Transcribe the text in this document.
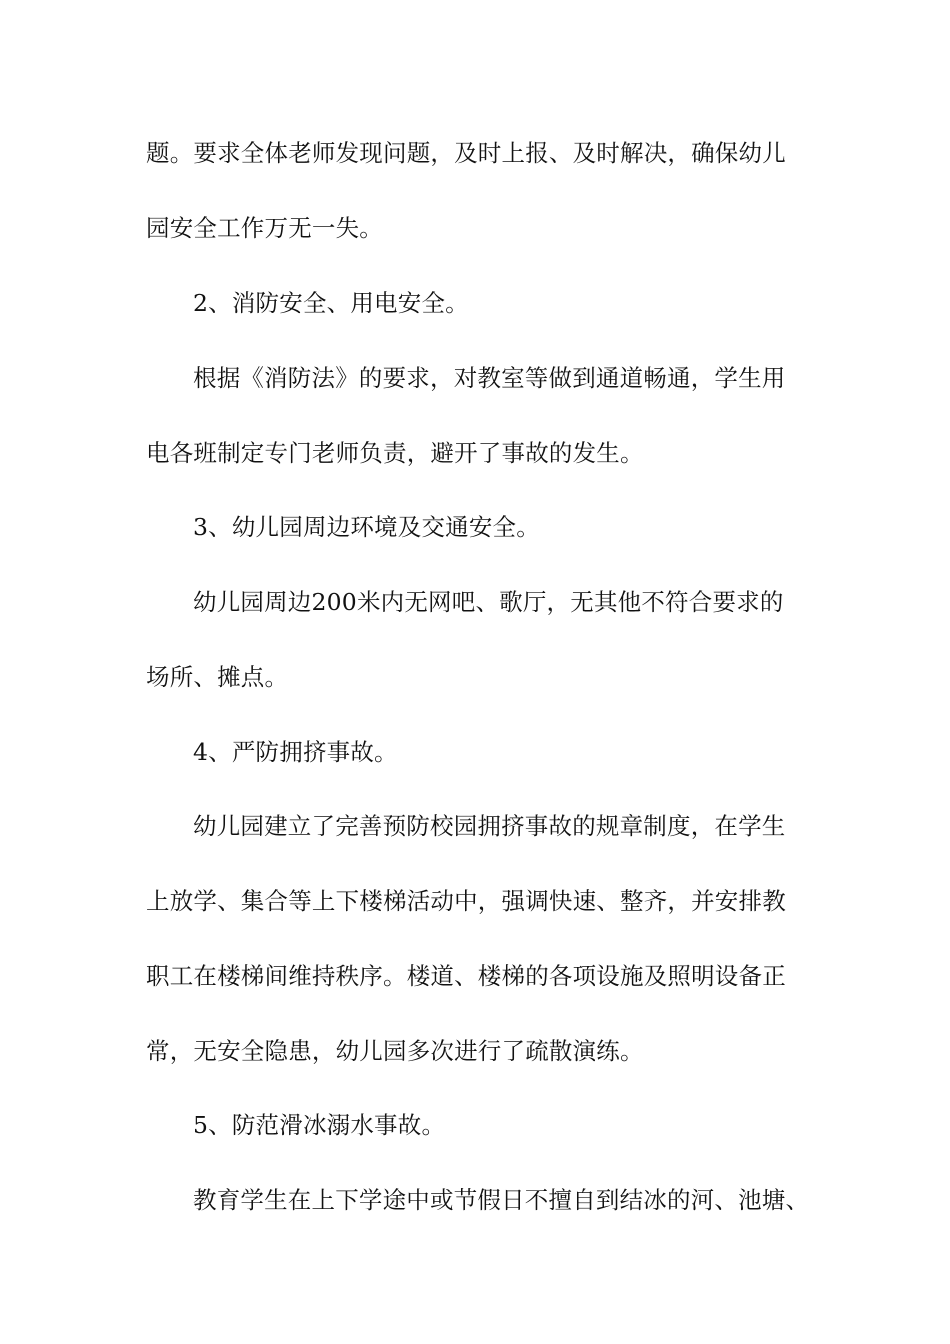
题。要求全体老师发现问题，及时上报、及时解决，确保幼儿
园安全工作万无一失。
2、消防安全、用电安全。
根据《消防法》的要求，对教室等做到通道畅通，学生用
电各班制定专门老师负责，避开了事故的发生。
3、幼儿园周边环境及交通安全。
幼儿园周边200米内无网吧、歌厅，无其他不符合要求的
场所、摊点。
4、严防拥挤事故。
幼儿园建立了完善预防校园拥挤事故的规章制度，在学生
上放学、集合等上下楼梯活动中，强调快速、整齐，并安排教
职工在楼梯间维持秩序。楼道、楼梯的各项设施及照明设备正
常，无安全隐患，幼儿园多次进行了疏散演练。
5、防范滑冰溺水事故。
教育学生在上下学途中或节假日不擅自到结冰的河、池塘、
